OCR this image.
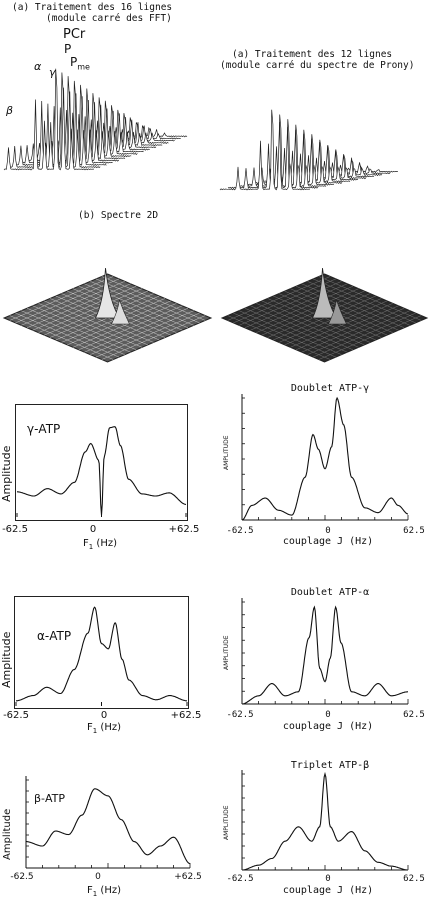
(a) Traitement des 16 lignes
(module carré des FFT)
(a) Traitement des 12 lignes
(module carré du spectre de Prony)
PCr
P
$P_{me}$
α γ
β
(b) Spectre 2D
γ-ATP
Amplitude
-62.5	0	+62.5
$F_1$ (Hz)
α-ATP
Amplitude
-62.5	0	+62.5
$F_1$ (Hz)
β-ATP
Amplitude
-62.5	0	+62.5
$F_1$ (Hz)
Doublet ATP-γ
AMPLITUDE
-62.5	0	62.5
couplage J (Hz)
Doublet ATP-α
AMPLITUDE
-62.5	0	62.5
couplage J (Hz)
Triplet ATP-β
AMPLITUDE
-62.5	0	62.5
couplage J (Hz)
